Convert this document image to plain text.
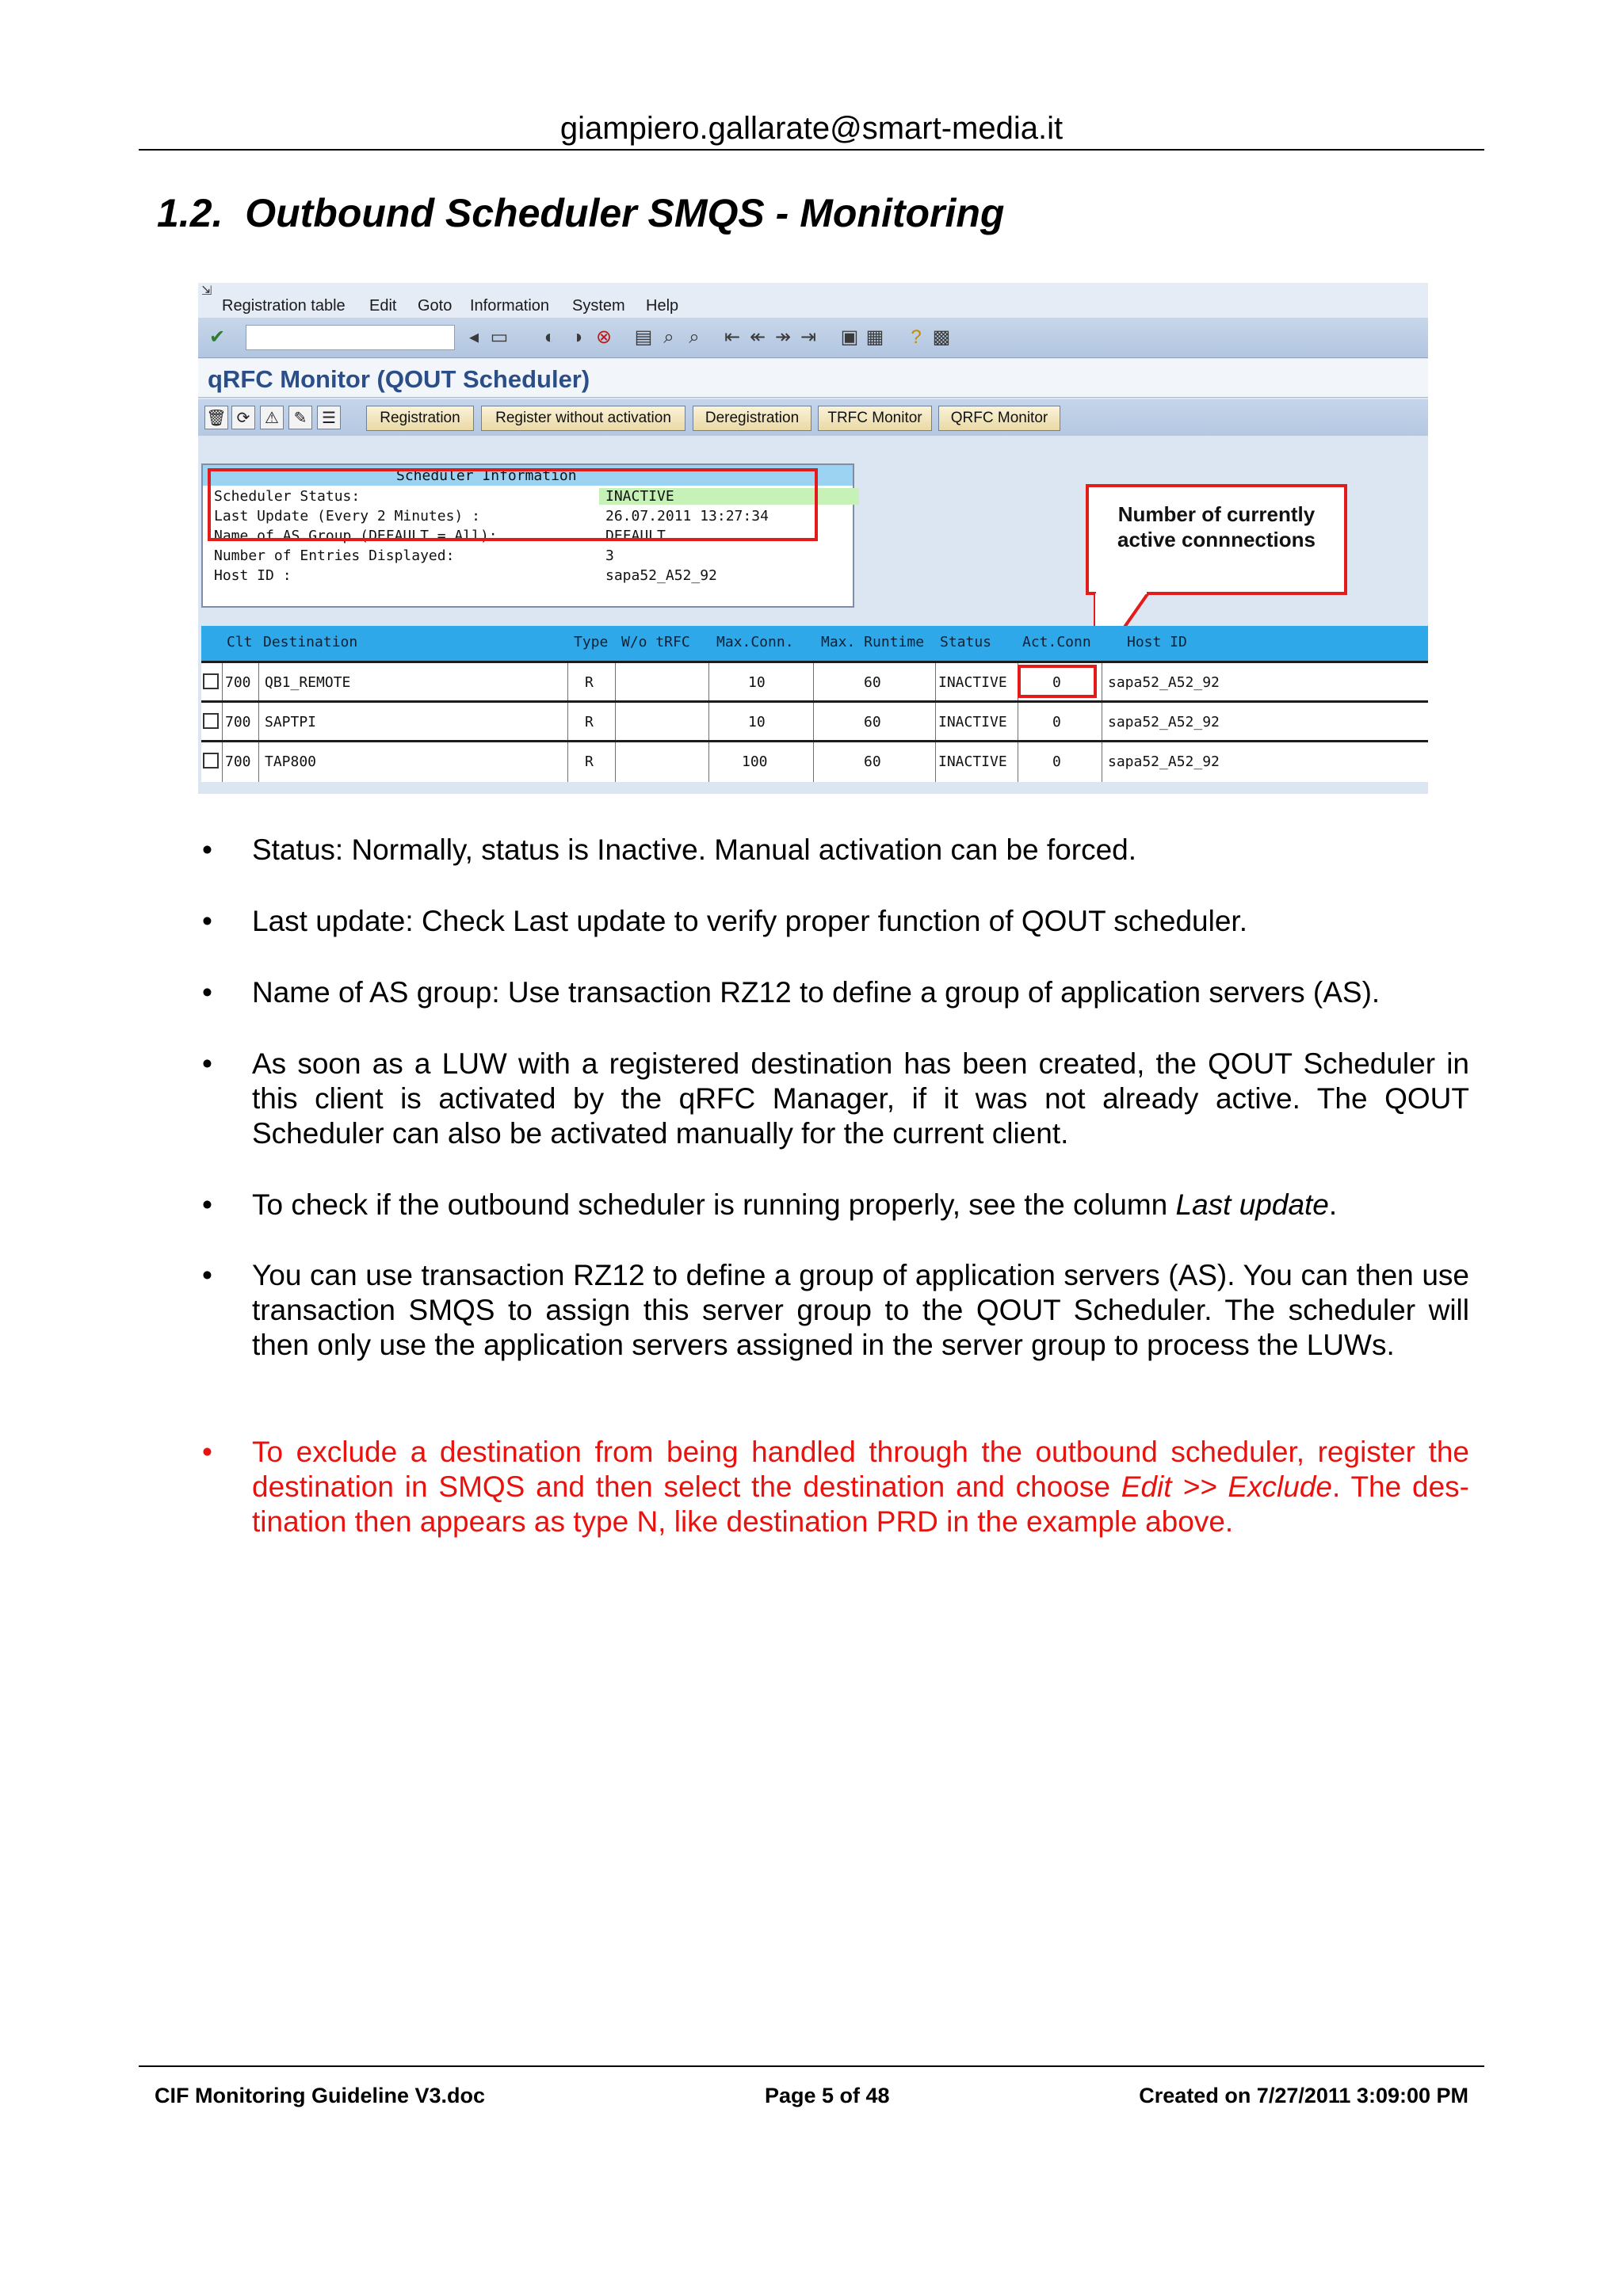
giampiero.gallarate@smart-media.it
1.2. Outbound Scheduler SMQS - Monitoring
⇲
Registration table Edit Goto Information System Help
✔	◂ ▭ ◐ ◑ ⊗ ▤ ⌕ ⌕	⇤ ↞ ↠ ⇥ ▣ ▦	? ▩
qRFC Monitor (QOUT Scheduler)
🗑 ⟳ ⚠ ✎ ☰	Registration	Register without activation	Deregistration	TRFC Monitor	QRFC Monitor
Scheduler Information
Scheduler Status:	INACTIVE
Last Update (Every 2 Minutes) :	26.07.2011 13:27:34
Name of AS Group (DEFAULT = All):	DEFAULT
Number of Entries Displayed:	3
Host ID :	sapa52_A52_92
Number of currently active connnections
Clt Destination	Type W/o tRFC Max.Conn. Max. Runtime Status Act.Conn	Host ID
700 QB1_REMOTE	R	10	60	INACTIVE	0	sapa52_A52_92
700 SAPTPI	R	10	60	INACTIVE	0	sapa52_A52_92
700 TAP800	R	100	60	INACTIVE	0	sapa52_A52_92
• Status: Normally, status is Inactive. Manual activation can be forced.
• Last update: Check Last update to verify proper function of QOUT scheduler.
• Name of AS group: Use transaction RZ12 to define a group of application servers (AS).
• As soon as a LUW with a registered destination has been created, the QOUT Scheduler in this client is activated by the qRFC Manager, if it was not already active. The QOUT Scheduler can also be activated manually for the current client.
• To check if the outbound scheduler is running properly, see the column Last update.
• You can use transaction RZ12 to define a group of application servers (AS). You can then use transaction SMQS to assign this server group to the QOUT Scheduler. The scheduler will then only use the application servers assigned in the server group to process the LUWs.
• To exclude a destination from being handled through the outbound scheduler, register the destination in SMQS and then select the destination and choose Edit >> Exclude. The des-tination then appears as type N, like destination PRD in the example above.
CIF Monitoring Guideline V3.doc	Page 5 of 48	Created on 7/27/2011 3:09:00 PM
